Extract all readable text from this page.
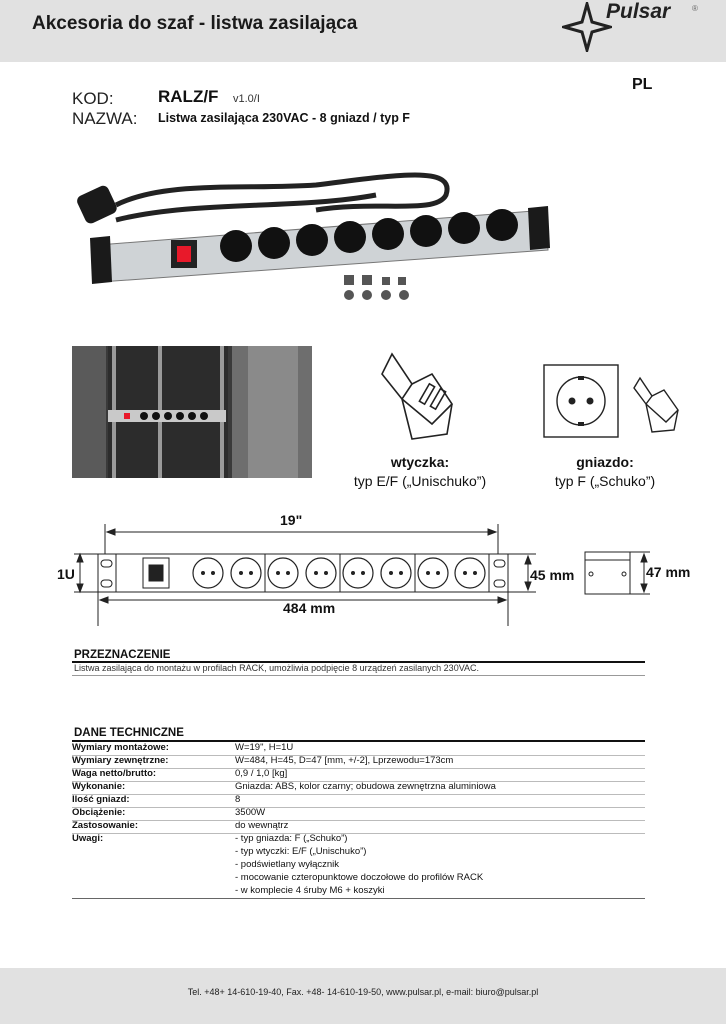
Akcesoria do szaf - listwa zasilająca
Pulsar	®
PL
KOD:	RALZ/F v1.0/I
NAZWA: Listwa zasilająca 230VAC - 8 gniazd / typ F
wtyczka:
typ E/F („Unischuko”)
gniazdo:
typ F („Schuko”)
19"
1U
484 mm
45 mm	47 mm
PRZEZNACZENIE
Listwa zasilająca do montażu w profilach RACK, umożliwia podpięcie 8 urządzeń zasilanych 230VAC.
DANE TECHNICZNE
Wymiary montażowe:	W=19", H=1U
Wymiary zewnętrzne:	W=484, H=45, D=47 [mm, +/-2], Lprzewodu=173cm
Waga netto/brutto:	0,9 / 1,0 [kg]
Wykonanie:	Gniazda: ABS, kolor czarny; obudowa zewnętrzna aluminiowa
Ilość gniazd:	8
Obciążenie:	3500W
Zastosowanie:	do wewnątrz
Uwagi:	- typ gniazda: F („Schuko”)
- typ wtyczki: E/F („Unischuko”)
- podświetlany wyłącznik
- mocowanie czteropunktowe doczołowe do profilów RACK
- w komplecie 4 śruby M6 + koszyki
Tel. +48+ 14-610-19-40, Fax. +48- 14-610-19-50, www.pulsar.pl, e-mail: biuro@pulsar.pl
